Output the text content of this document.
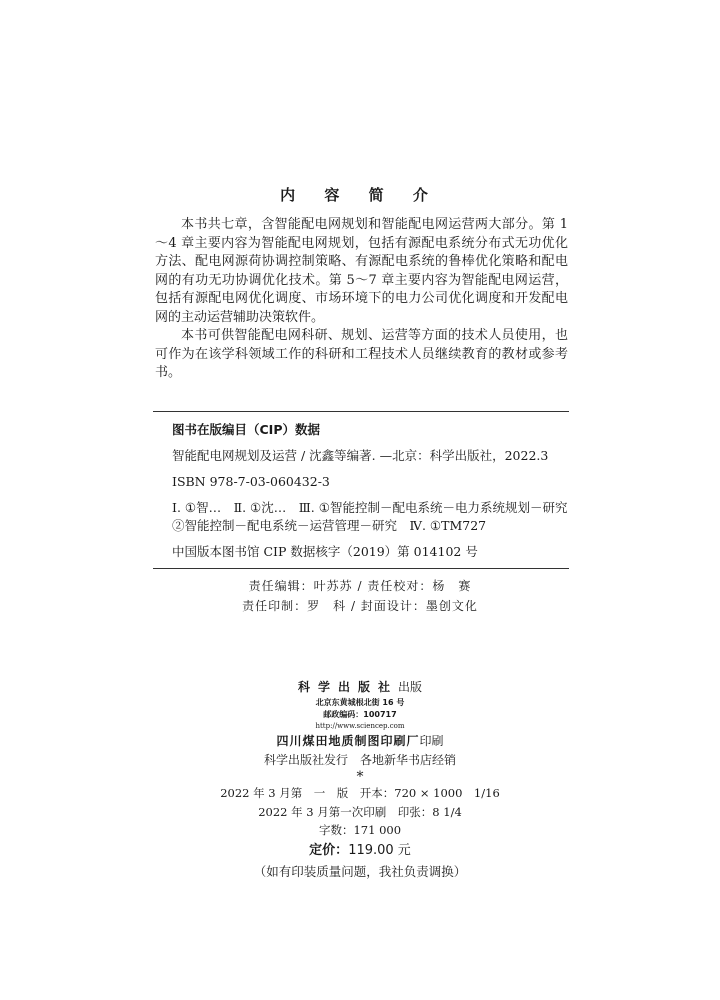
内 容 简 介

本书共七章，含智能配电网规划和智能配电网运营两大部分。第 1～4 章主要内容为智能配电网规划，包括有源配电系统分布式无功优化方法、配电网源荷协调控制策略、有源配电系统的鲁棒优化策略和配电网的有功无功协调优化技术。第 5～7 章主要内容为智能配电网运营，包括有源配电网优化调度、市场环境下的电力公司优化调度和开发配电网的主动运营辅助决策软件。

本书可供智能配电网科研、规划、运营等方面的技术人员使用，也可作为在该学科领域工作的科研和工程技术人员继续教育的教材或参考书。

图书在版编目（CIP）数据

智能配电网规划及运营 / 沈鑫等编著. —北京：科学出版社，2022.3

ISBN 978-7-03-060432-3

Ⅰ. ①智…　Ⅱ. ①沈…　Ⅲ. ①智能控制－配电系统－电力系统规划－研究　②智能控制－配电系统－运营管理－研究　Ⅳ. ①TM727

中国版本图书馆 CIP 数据核字（2019）第 014102 号

责任编辑：叶苏苏 / 责任校对：杨　赛
责任印制：罗　科 / 封面设计：墨创文化

科学出版社出版

北京东黄城根北街 16 号

邮政编码：100717

http://www.sciencep.com

四川煤田地质制图印刷厂印刷

科学出版社发行　各地新华书店经销

*

2022 年 3 月第　一　版　开本：720 × 1000　1/16

2022 年 3 月第一次印刷　印张：8 1/4

字数：171 000

定价：119.00 元

（如有印装质量问题，我社负责调换）
